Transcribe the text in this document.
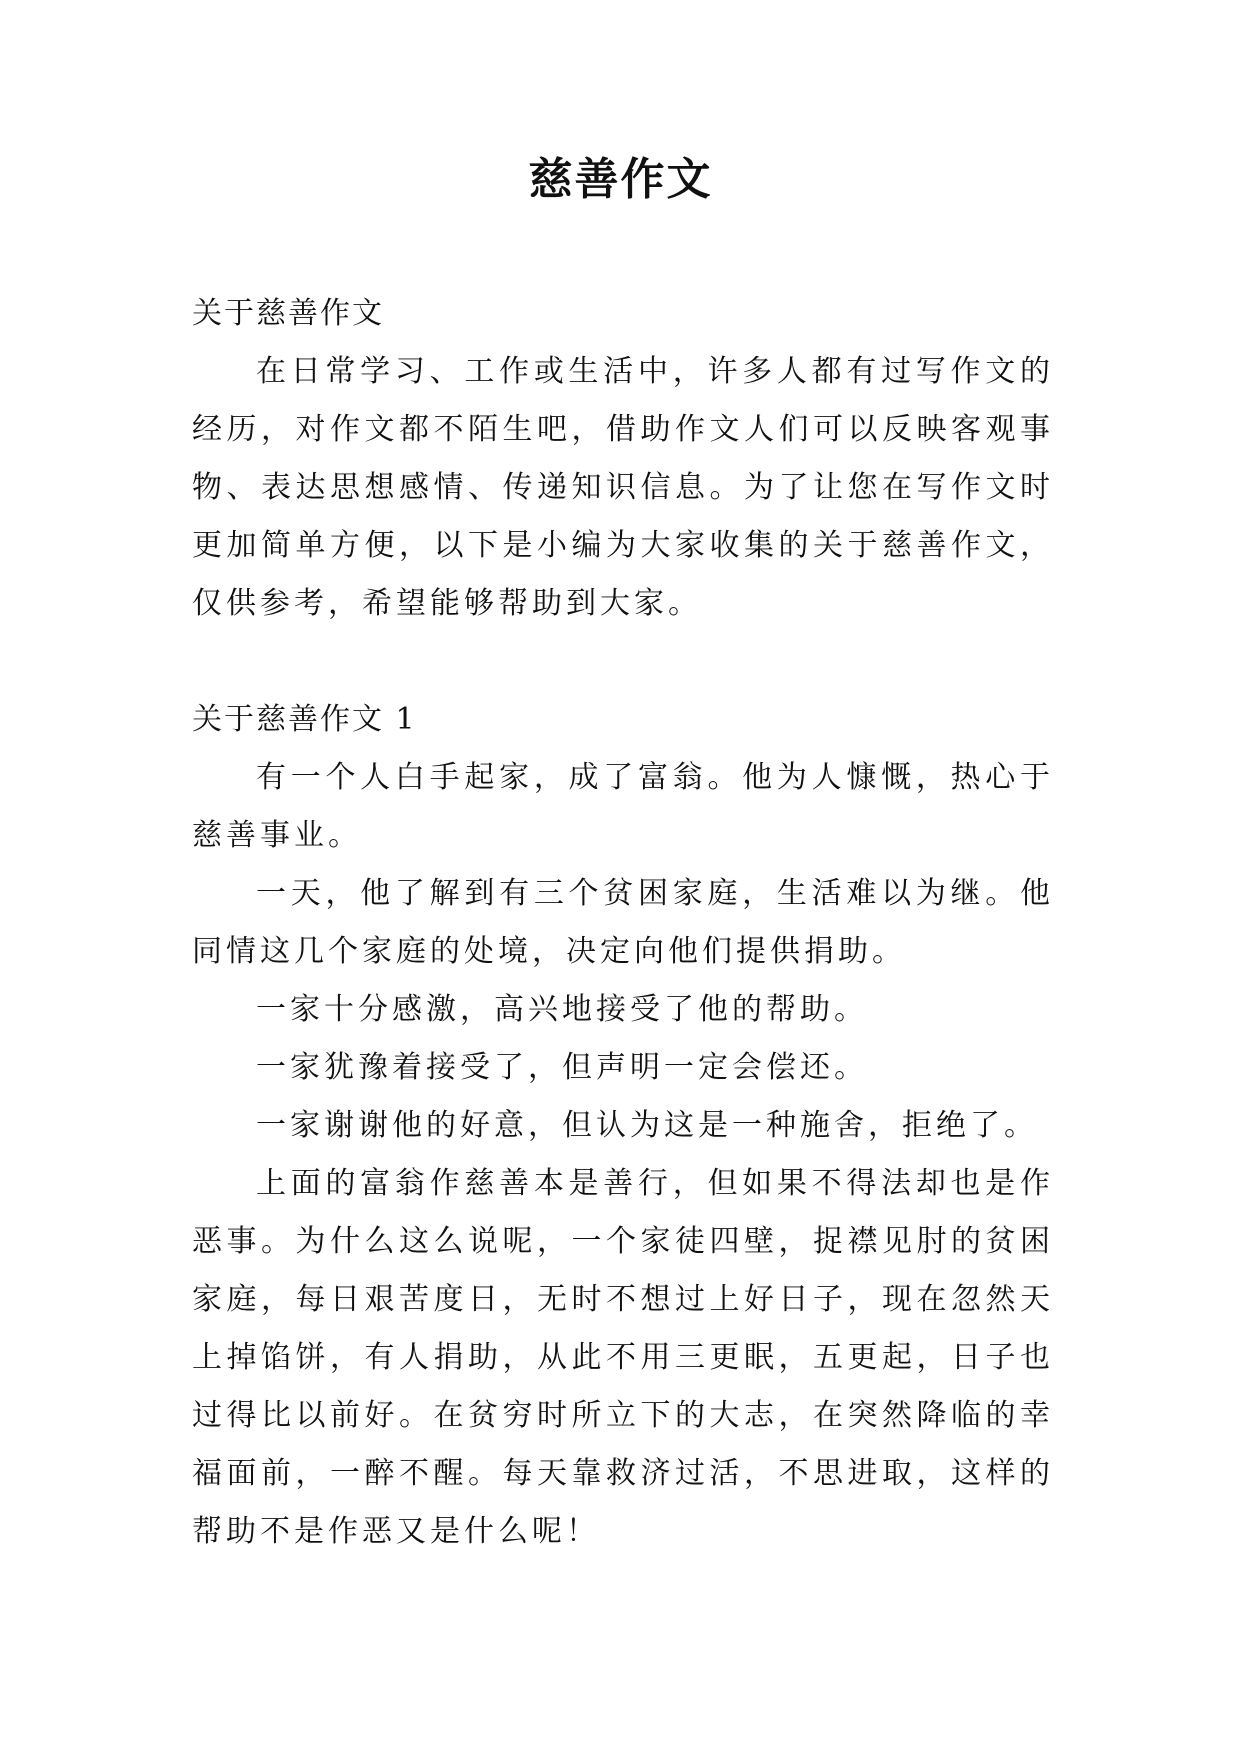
慈善作文
关于慈善作文

在日常学习、工作或生活中，许多人都有过写作文的经历，对作文都不陌生吧，借助作文人们可以反映客观事物、表达思想感情、传递知识信息。为了让您在写作文时更加简单方便，以下是小编为大家收集的关于慈善作文，仅供参考，希望能够帮助到大家。

关于慈善作文 1

有一个人白手起家，成了富翁。他为人慷慨，热心于慈善事业。

一天，他了解到有三个贫困家庭，生活难以为继。他同情这几个家庭的处境，决定向他们提供捐助。

一家十分感激，高兴地接受了他的帮助。

一家犹豫着接受了，但声明一定会偿还。

一家谢谢他的好意，但认为这是一种施舍，拒绝了。

上面的富翁作慈善本是善行，但如果不得法却也是作恶事。为什么这么说呢，一个家徒四壁，捉襟见肘的贫困家庭，每日艰苦度日，无时不想过上好日子，现在忽然天上掉馅饼，有人捐助，从此不用三更眠，五更起，日子也过得比以前好。在贫穷时所立下的大志，在突然降临的幸福面前，一醉不醒。每天靠救济过活，不思进取，这样的帮助不是作恶又是什么呢！
